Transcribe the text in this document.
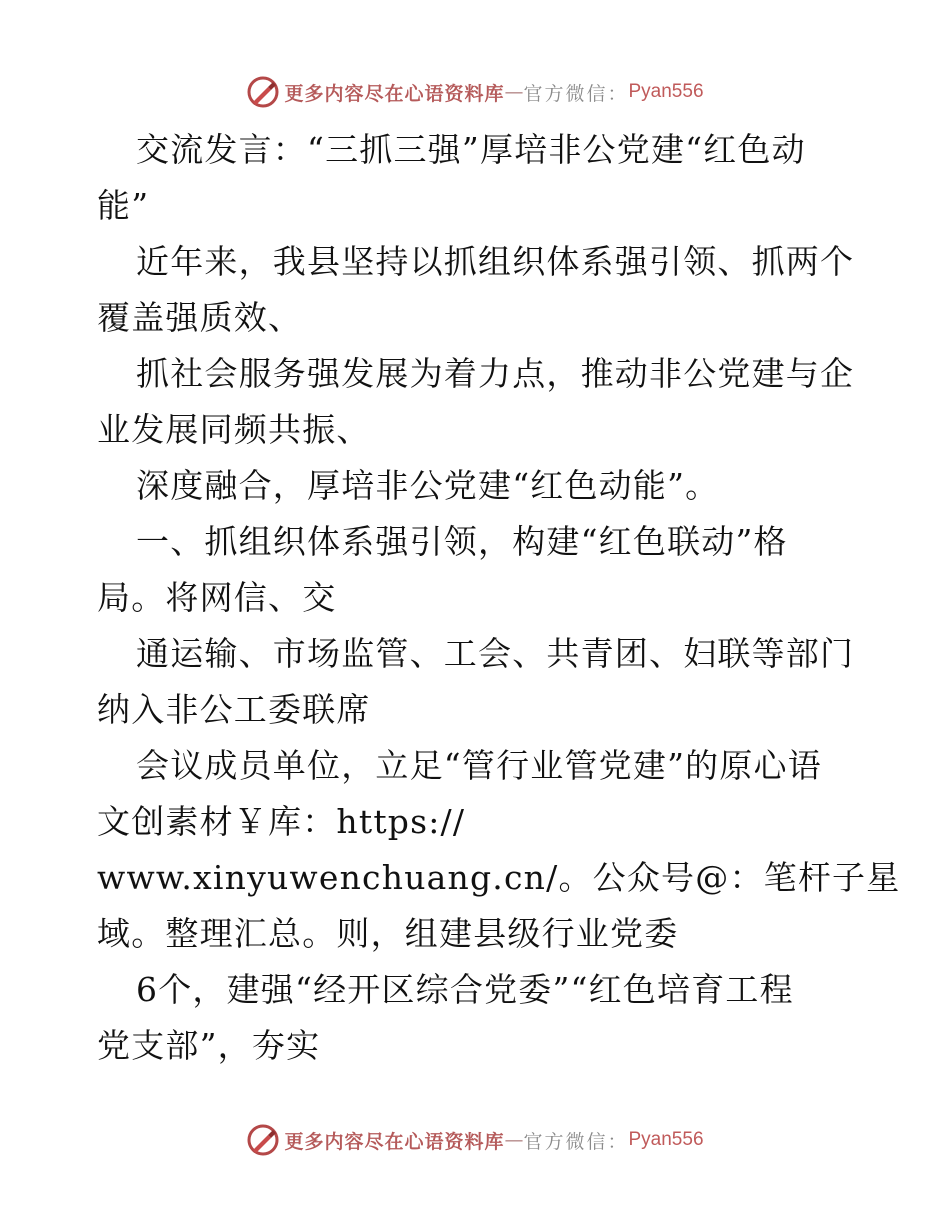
更多内容尽在心语资料库 — 官方微信： Pyan556

交流发言：“三抓三强”厚培非公党建“红色动

能”

近年来，我县坚持以抓组织体系强引领、抓两个

覆盖强质效、

抓社会服务强发展为着力点，推动非公党建与企

业发展同频共振、

深度融合，厚培非公党建“红色动能”。

一、抓组织体系强引领，构建“红色联动”格

局。将网信、交

通运输、市场监管、工会、共青团、妇联等部门

纳入非公工委联席

会议成员单位，立足“管行业管党建”的原心语

文创素材￥库：https://

www.xinyuwenchuang.cn/。公众号@：笔杆子星

域。整理汇总。则，组建县级行业党委

6个，建强“经开区综合党委”“红色培育工程

党支部”，夯实

更多内容尽在心语资料库 — 官方微信： Pyan556
